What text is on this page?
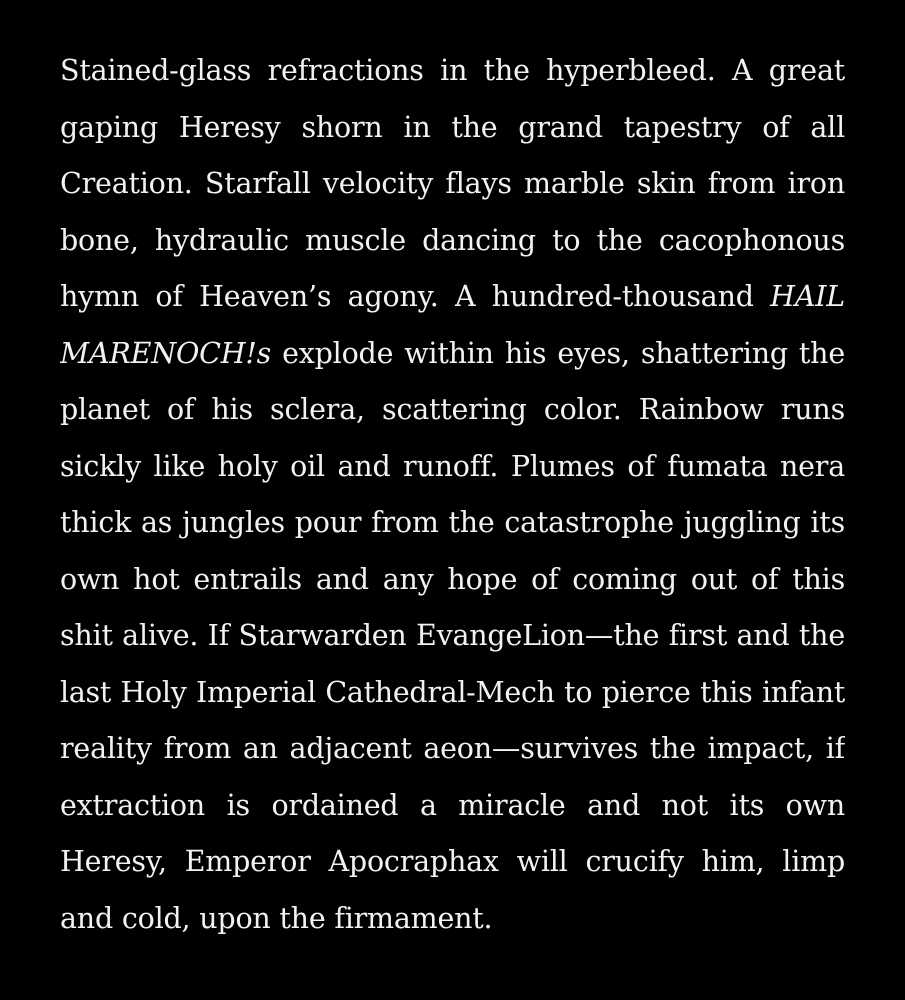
Stained-glass refractions in the hyperbleed. A great
gaping Heresy shorn in the grand tapestry of all
Creation. Starfall velocity flays marble skin from iron
bone, hydraulic muscle dancing to the cacophonous
hymn of Heaven’s agony. A hundred-thousand HAIL
MARENOCH!s explode within his eyes, shattering the
planet of his sclera, scattering color. Rainbow runs
sickly like holy oil and runoff. Plumes of fumata nera
thick as jungles pour from the catastrophe juggling its
own hot entrails and any hope of coming out of this
shit alive. If Starwarden EvangeLion—the first and the
last Holy Imperial Cathedral-Mech to pierce this infant
reality from an adjacent aeon—survives the impact, if
extraction is ordained a miracle and not its own
Heresy, Emperor Apocraphax will crucify him, limp
and cold, upon the firmament.
